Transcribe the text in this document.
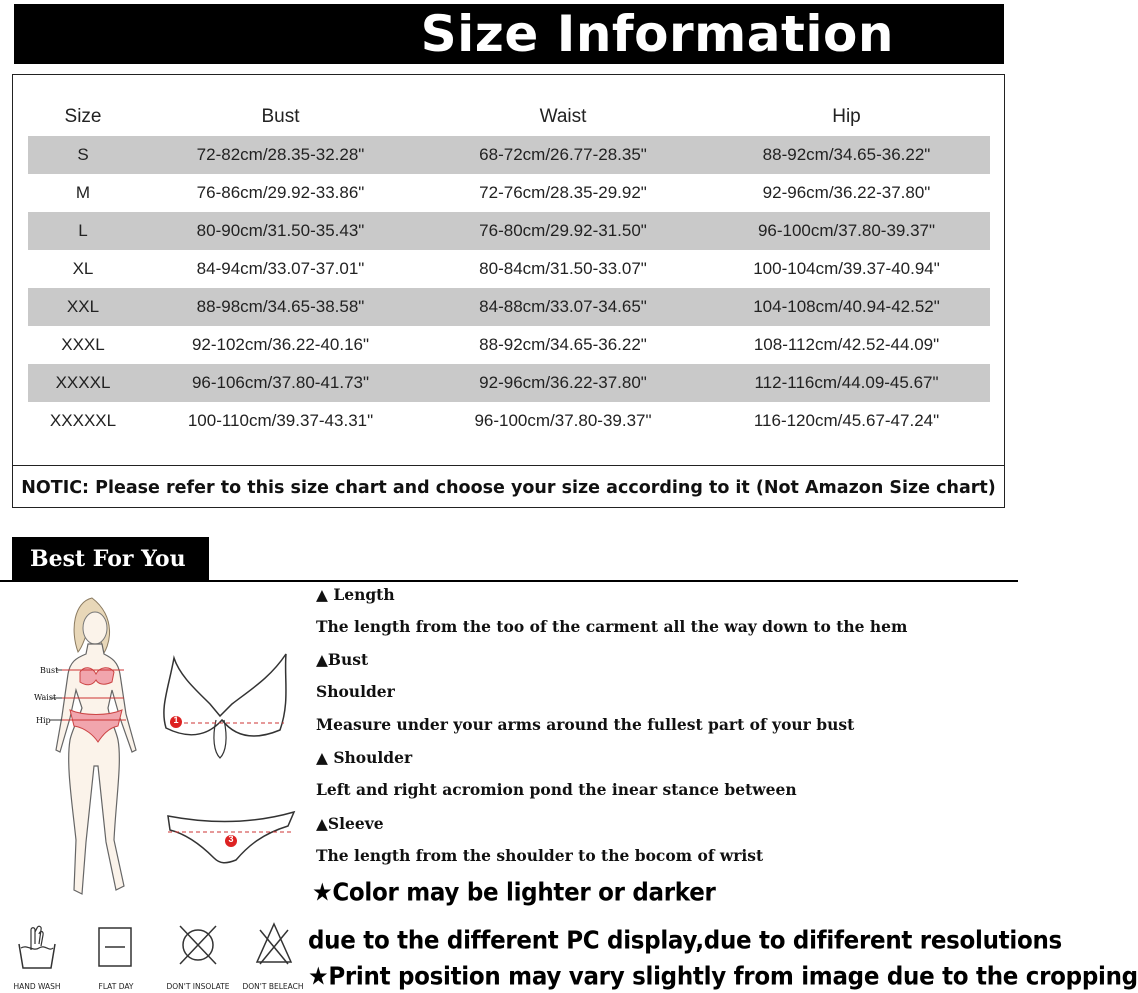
Size Information
Size	Bust	Waist	Hip
S	72-82cm/28.35-32.28"	68-72cm/26.77-28.35"	88-92cm/34.65-36.22"
M	76-86cm/29.92-33.86"	72-76cm/28.35-29.92"	92-96cm/36.22-37.80"
L	80-90cm/31.50-35.43"	76-80cm/29.92-31.50"	96-100cm/37.80-39.37"
XL	84-94cm/33.07-37.01"	80-84cm/31.50-33.07"	100-104cm/39.37-40.94"
XXL	88-98cm/34.65-38.58"	84-88cm/33.07-34.65"	104-108cm/40.94-42.52"
XXXL	92-102cm/36.22-40.16"	88-92cm/34.65-36.22"	108-112cm/42.52-44.09"
XXXXL	96-106cm/37.80-41.73"	92-96cm/36.22-37.80"	112-116cm/44.09-45.67"
XXXXXL	100-110cm/39.37-43.31"	96-100cm/37.80-39.37"	116-120cm/45.67-47.24"
NOTIC: Please refer to this size chart and choose your size according to it (Not Amazon Size chart)
Best For You
Bust
Waist
Hip	1
3
▲ Length
The length from the too of the carment all the way down to the hem
▲Bust
Shoulder
Measure under your arms around the fullest part of your bust
▲ Shoulder
Left and right acromion pond the inear stance between
▲Sleeve
The length from the shoulder to the bocom of wrist
★Color may be lighter or darker
due to the different PC display,due to dififerent resolutions
★Print position may vary slightly from image due to the cropping
HAND WASH	FLAT DAY	DON'T INSOLATE	DON'T BELEACH
